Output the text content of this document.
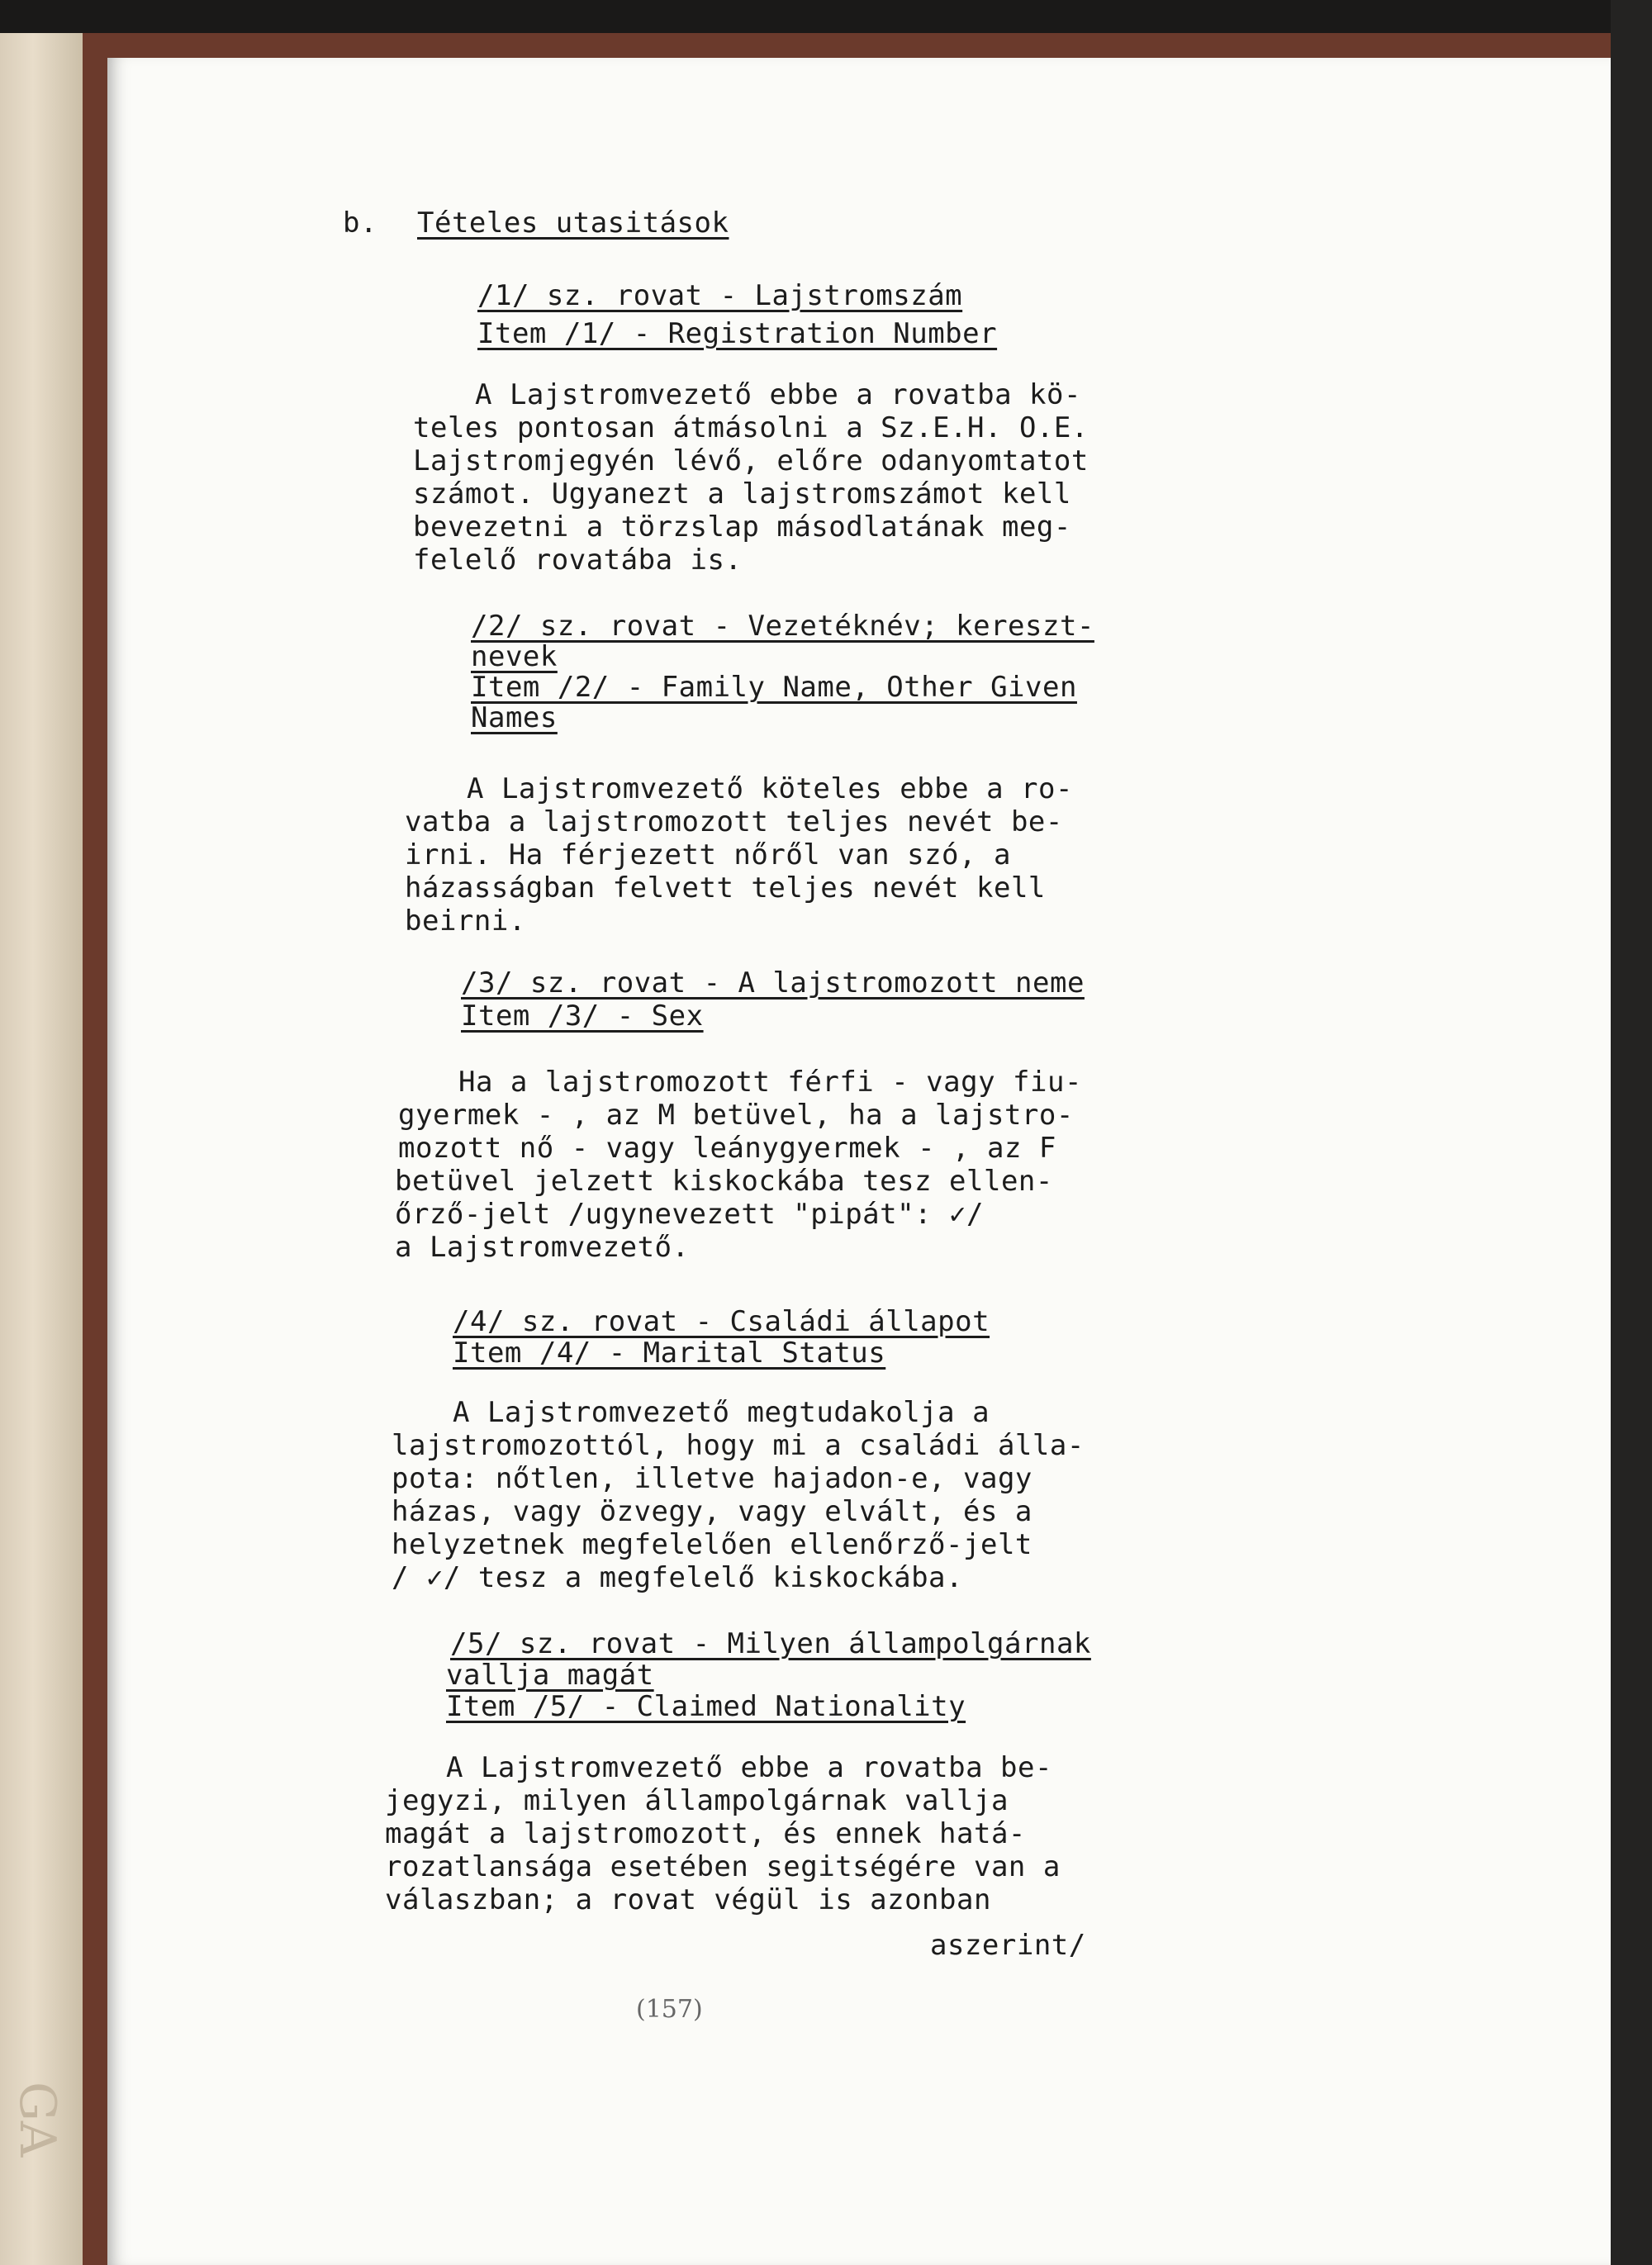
GA
b. Tételes utasitások
/1/ sz. rovat - Lajstromszám
Item /1/ - Registration Number
A Lajstromvezető ebbe a rovatba kö-
teles pontosan átmásolni a Sz.E.H. O.E.
Lajstromjegyén lévő, előre odanyomtatot
számot. Ugyanezt a lajstromszámot kell
bevezetni a törzslap másodlatának meg-
felelő rovatába is.
/2/ sz. rovat - Vezetéknév; kereszt-
nevek
Item /2/ - Family Name, Other Given
Names
A Lajstromvezető köteles ebbe a ro-
vatba a lajstromozott teljes nevét be-
irni. Ha férjezett nőről van szó, a
házasságban felvett teljes nevét kell
beirni.
/3/ sz. rovat - A lajstromozott neme
Item /3/ - Sex
Ha a lajstromozott férfi - vagy fiu-
gyermek - , az M betüvel, ha a lajstro-
mozott nő - vagy leánygyermek - , az F
betüvel jelzett kiskockába tesz ellen-
őrző-jelt /ugynevezett "pipát": ✓/
a Lajstromvezető.
/4/ sz. rovat - Családi állapot
Item /4/ - Marital Status
A Lajstromvezető megtudakolja a
lajstromozottól, hogy mi a családi álla-
pota: nőtlen, illetve hajadon-e, vagy
házas, vagy özvegy, vagy elvált, és a
helyzetnek megfelelően ellenőrző-jelt
/ ✓/ tesz a megfelelő kiskockába.
/5/ sz. rovat - Milyen állampolgárnak
vallja magát
Item /5/ - Claimed Nationality
A Lajstromvezető ebbe a rovatba be-
jegyzi, milyen állampolgárnak vallja
magát a lajstromozott, és ennek hatá-
rozatlansága esetében segitségére van a
válaszban; a rovat végül is azonban
aszerint/
(157)
